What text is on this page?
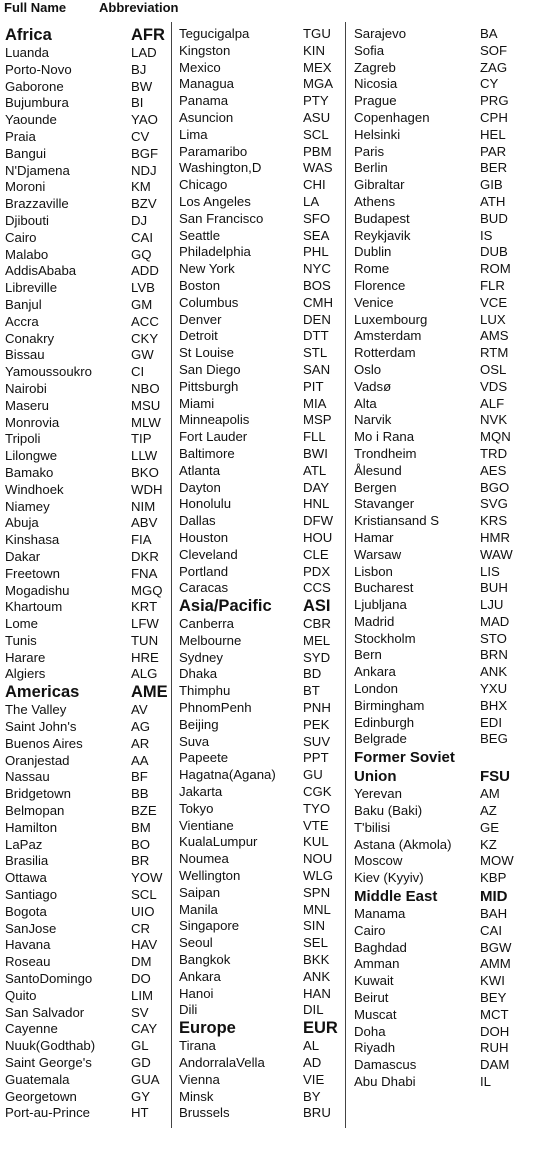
Full Name	Abbreviation
Africa	AFR
Luanda	LAD
Porto-Novo	BJ
Gaborone	BW
Bujumbura	BI
Yaounde	YAO
Praia	CV
Bangui	BGF
N'Djamena	NDJ
Moroni	KM
Brazzaville	BZV
Djibouti	DJ
Cairo	CAI
Malabo	GQ
AddisAbaba	ADD
Libreville	LVB
Banjul	GM
Accra	ACC
Conakry	CKY
Bissau	GW
Yamoussoukro	CI
Nairobi	NBO
Maseru	MSU
Monrovia	MLW
Tripoli	TIP
Lilongwe	LLW
Bamako	BKO
Windhoek	WDH
Niamey	NIM
Abuja	ABV
Kinshasa	FIA
Dakar	DKR
Freetown	FNA
Mogadishu	MGQ
Khartoum	KRT
Lome	LFW
Tunis	TUN
Harare	HRE
Algiers	ALG
Americas	AME
The Valley	AV
Saint John's	AG
Buenos Aires	AR
Oranjestad	AA
Nassau	BF
Bridgetown	BB
Belmopan	BZE
Hamilton	BM
LaPaz	BO
Brasilia	BR
Ottawa	YOW
Santiago	SCL
Bogota	UIO
SanJose	CR
Havana	HAV
Roseau	DM
SantoDomingo	DO
Quito	LIM
San Salvador	SV
Cayenne	CAY
Nuuk(Godthab)	GL
Saint George's	GD
Guatemala	GUA
Georgetown	GY
Port-au-Prince	HT
Tegucigalpa	TGU
Kingston	KIN
Mexico	MEX
Managua	MGA
Panama	PTY
Asuncion	ASU
Lima	SCL
Paramaribo	PBM
Washington,D	WAS
Chicago	CHI
Los Angeles	LA
San Francisco	SFO
Seattle	SEA
Philadelphia	PHL
New York	NYC
Boston	BOS
Columbus	CMH
Denver	DEN
Detroit	DTT
St Louise	STL
San Diego	SAN
Pittsburgh	PIT
Miami	MIA
Minneapolis	MSP
Fort Lauder	FLL
Baltimore	BWI
Atlanta	ATL
Dayton	DAY
Honolulu	HNL
Dallas	DFW
Houston	HOU
Cleveland	CLE
Portland	PDX
Caracas	CCS
Asia/Pacific ASI
Canberra	CBR
Melbourne	MEL
Sydney	SYD
Dhaka	BD
Thimphu	BT
PhnomPenh	PNH
Beijing	PEK
Suva	SUV
Papeete	PPT
Hagatna(Agana) GU
Jakarta	CGK
Tokyo	TYO
Vientiane	VTE
KualaLumpur	KUL
Noumea	NOU
Wellington	WLG
Saipan	SPN
Manila	MNL
Singapore	SIN
Seoul	SEL
Bangkok	BKK
Ankara	ANK
Hanoi	HAN
Dili	DIL
Europe	EUR
Tirana	AL
AndorralaVella	AD
Vienna	VIE
Minsk	BY
Brussels	BRU
Sarajevo	BA
Sofia	SOF
Zagreb	ZAG
Nicosia	CY
Prague	PRG
Copenhagen	CPH
Helsinki	HEL
Paris	PAR
Berlin	BER
Gibraltar	GIB
Athens	ATH
Budapest	BUD
Reykjavik	IS
Dublin	DUB
Rome	ROM
Florence	FLR
Venice	VCE
Luxembourg	LUX
Amsterdam	AMS
Rotterdam	RTM
Oslo	OSL
Vadsø	VDS
Alta	ALF
Narvik	NVK
Mo i Rana	MQN
Trondheim	TRD
Ålesund	AES
Bergen	BGO
Stavanger	SVG
Kristiansand S	KRS
Hamar	HMR
Warsaw	WAW
Lisbon	LIS
Bucharest	BUH
Ljubljana	LJU
Madrid	MAD
Stockholm	STO
Bern	BRN
Ankara	ANK
London	YXU
Birmingham	BHX
Edinburgh	EDI
Belgrade	BEG
Former Soviet
Union	FSU
Yerevan	AM
Baku (Baki)	AZ
T'bilisi	GE
Astana (Akmola) KZ
Moscow	MOW
Kiev (Kyyiv)	KBP
Middle East	MID
Manama	BAH
Cairo	CAI
Baghdad	BGW
Amman	AMM
Kuwait	KWI
Beirut	BEY
Muscat	MCT
Doha	DOH
Riyadh	RUH
Damascus	DAM
Abu Dhabi	IL
